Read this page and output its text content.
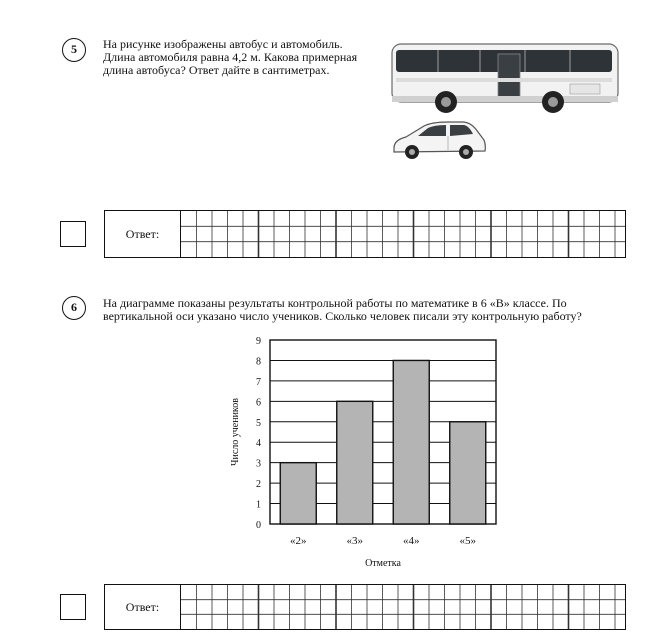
5	На рисунке изображены автобус и автомобиль.
Длина автомобиля равна 4,2 м. Какова примерная
длина автобуса? Ответ дайте в сантиметрах.
Ответ:
6	На диаграмме показаны результаты контрольной работы по математике в 6 «В» классе. По
вертикальной оси указано число учеников. Сколько человек писали эту контрольную работу?
0
1
2
3
4
5
6
7
8
9
«2»	«3»	«4»	«5»
Отметка
Число учеников
Ответ:
